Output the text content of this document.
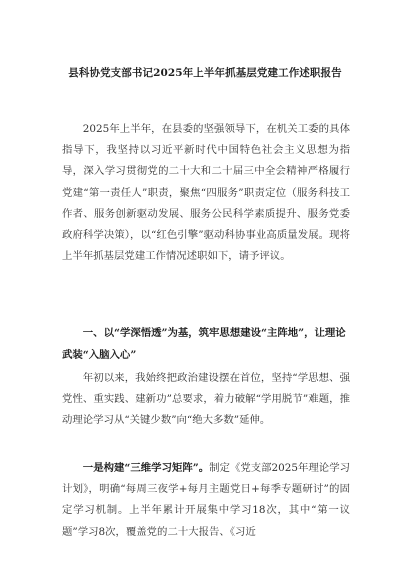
县科协党支部书记2025年上半年抓基层党建工作述职报告
2025年上半年，在县委的坚强领导下，在机关工委的具体指导下，我坚持以习近平新时代中国特色社会主义思想为指导，深入学习贯彻党的二十大和二十届三中全会精神严格履行党建“第一责任人”职责，聚焦“四服务”职责定位（服务科技工作者、服务创新驱动发展、服务公民科学素质提升、服务党委政府科学决策），以“红色引擎”驱动科协事业高质量发展。现将上半年抓基层党建工作情况述职如下，请予评议。
一、以“学深悟透”为基，筑牢思想建设“主阵地”，让理论武装“入脑入心”
年初以来，我始终把政治建设摆在首位，坚持“学思想、强党性、重实践、建新功”总要求，着力破解“学用脱节”难题，推动理论学习从“关键少数”向“绝大多数”延伸。
一是构建“三维学习矩阵”。制定《党支部2025年理论学习计划》，明确“每周三夜学+每月主题党日+每季专题研讨”的固定学习机制。上半年累计开展集中学习18次，其中“第一议题”学习8次，覆盖党的二十大报告、《习近
